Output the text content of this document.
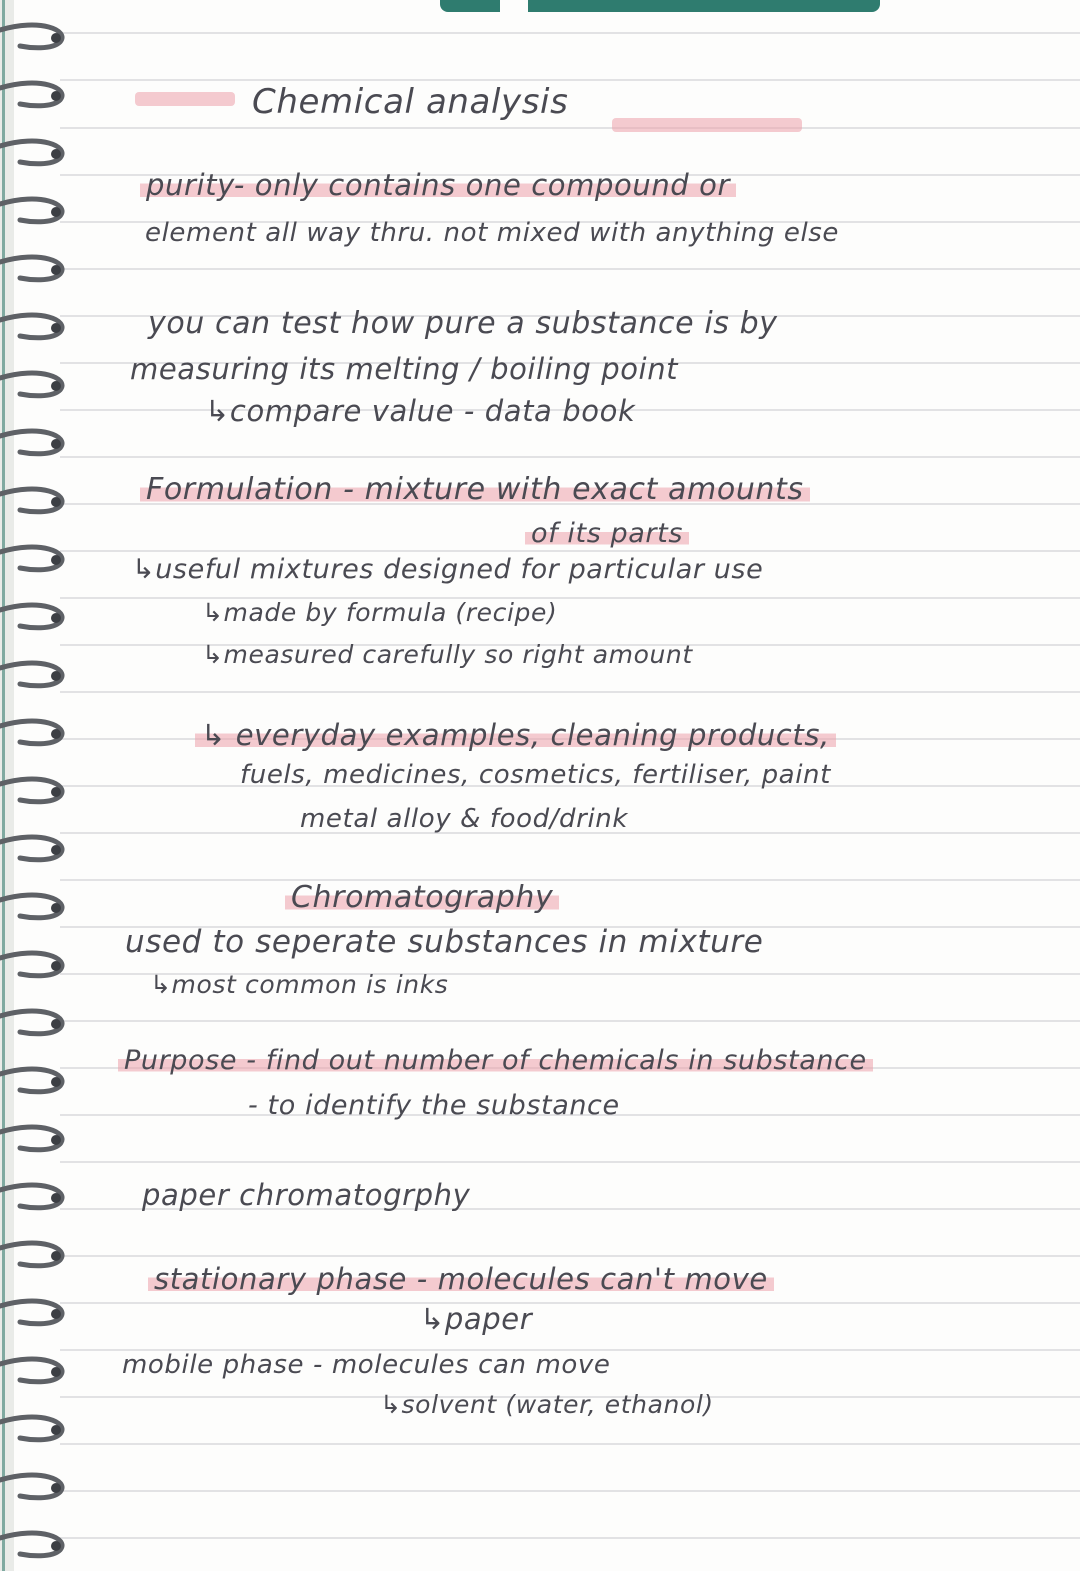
Chemical analysis
purity- only contains one compound or
element all way thru. not mixed with anything else
you can test how pure a substance is by
measuring its melting / boiling point
↳compare value - data book
Formulation - mixture with exact amounts
of its parts
↳useful mixtures designed for particular use
↳made by formula (recipe)
↳measured carefully so right amount
↳ everyday examples, cleaning products,
fuels, medicines, cosmetics, fertiliser, paint
metal alloy & food/drink
Chromatography
used to seperate substances in mixture
↳most common is inks
Purpose - find out number of chemicals in substance
- to identify the substance
paper chromatogrphy
stationary phase - molecules can't move
↳paper
mobile phase - molecules can move
↳solvent (water, ethanol)
